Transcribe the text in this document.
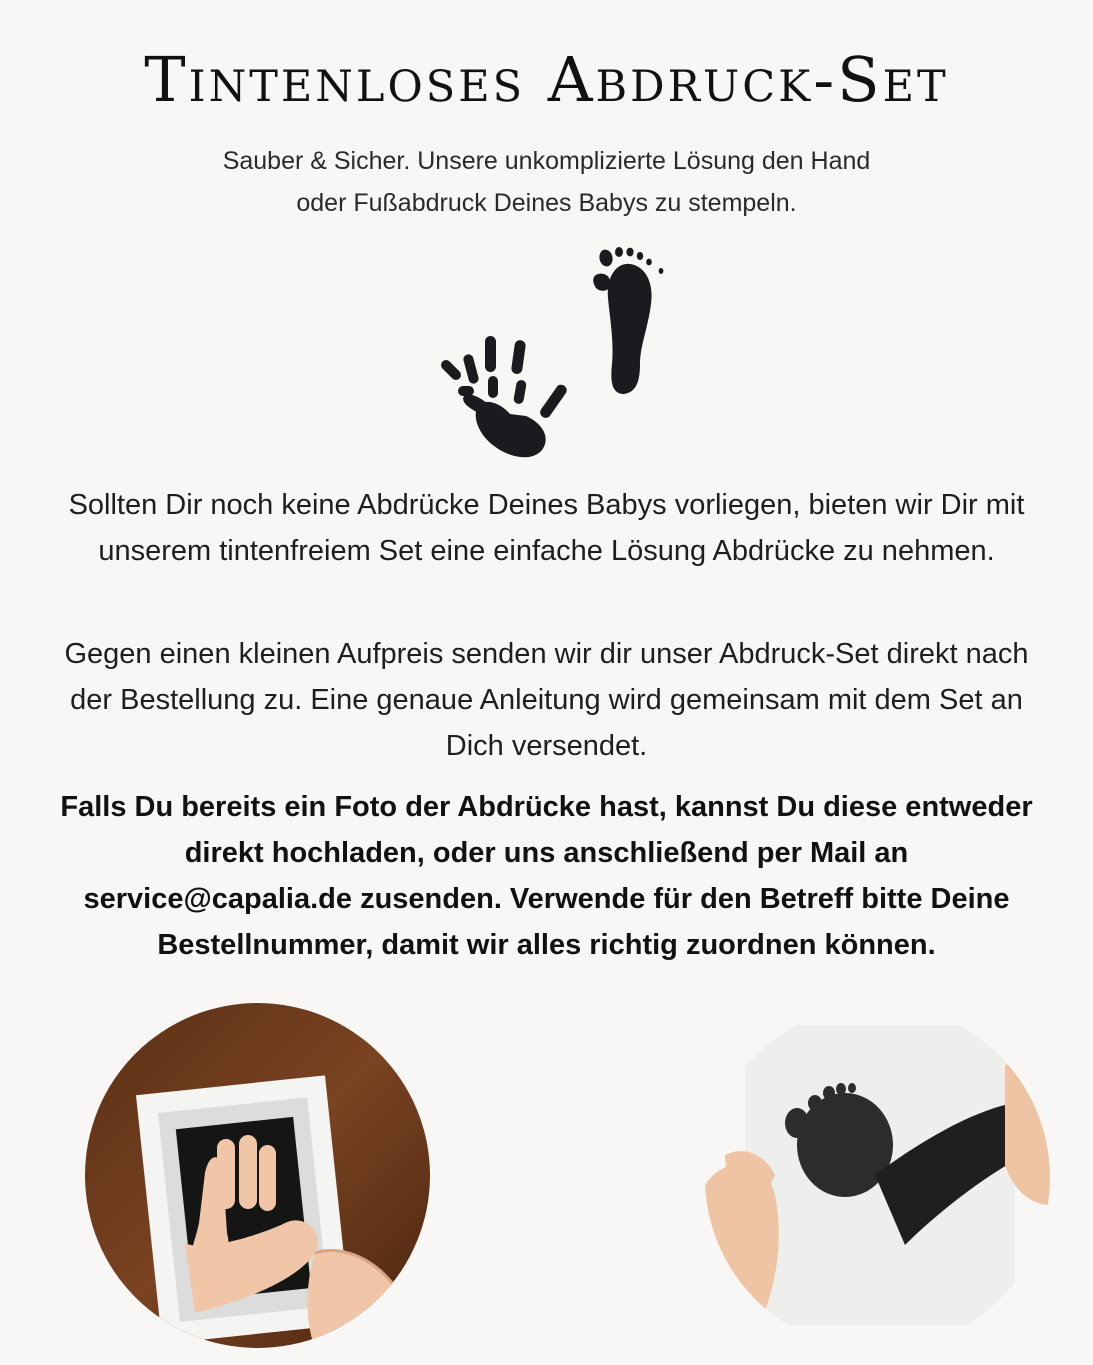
Tintenloses Abdruck-Set

Sauber & Sicher. Unsere unkomplizierte Lösung den Hand
oder Fußabdruck Deines Babys zu stempeln.

Sollten Dir noch keine Abdrücke Deines Babys vorliegen, bieten wir Dir mit unserem tintenfreiem Set eine einfache Lösung Abdrücke zu nehmen.

Gegen einen kleinen Aufpreis senden wir dir unser Abdruck-Set direkt nach der Bestellung zu. Eine genaue Anleitung wird gemeinsam mit dem Set an Dich versendet.

Falls Du bereits ein Foto der Abdrücke hast, kannst Du diese entweder direkt hochladen, oder uns anschließend per Mail an service@capalia.de zusenden. Verwende für den Betreff bitte Deine Bestellnummer, damit wir alles richtig zuordnen können.
